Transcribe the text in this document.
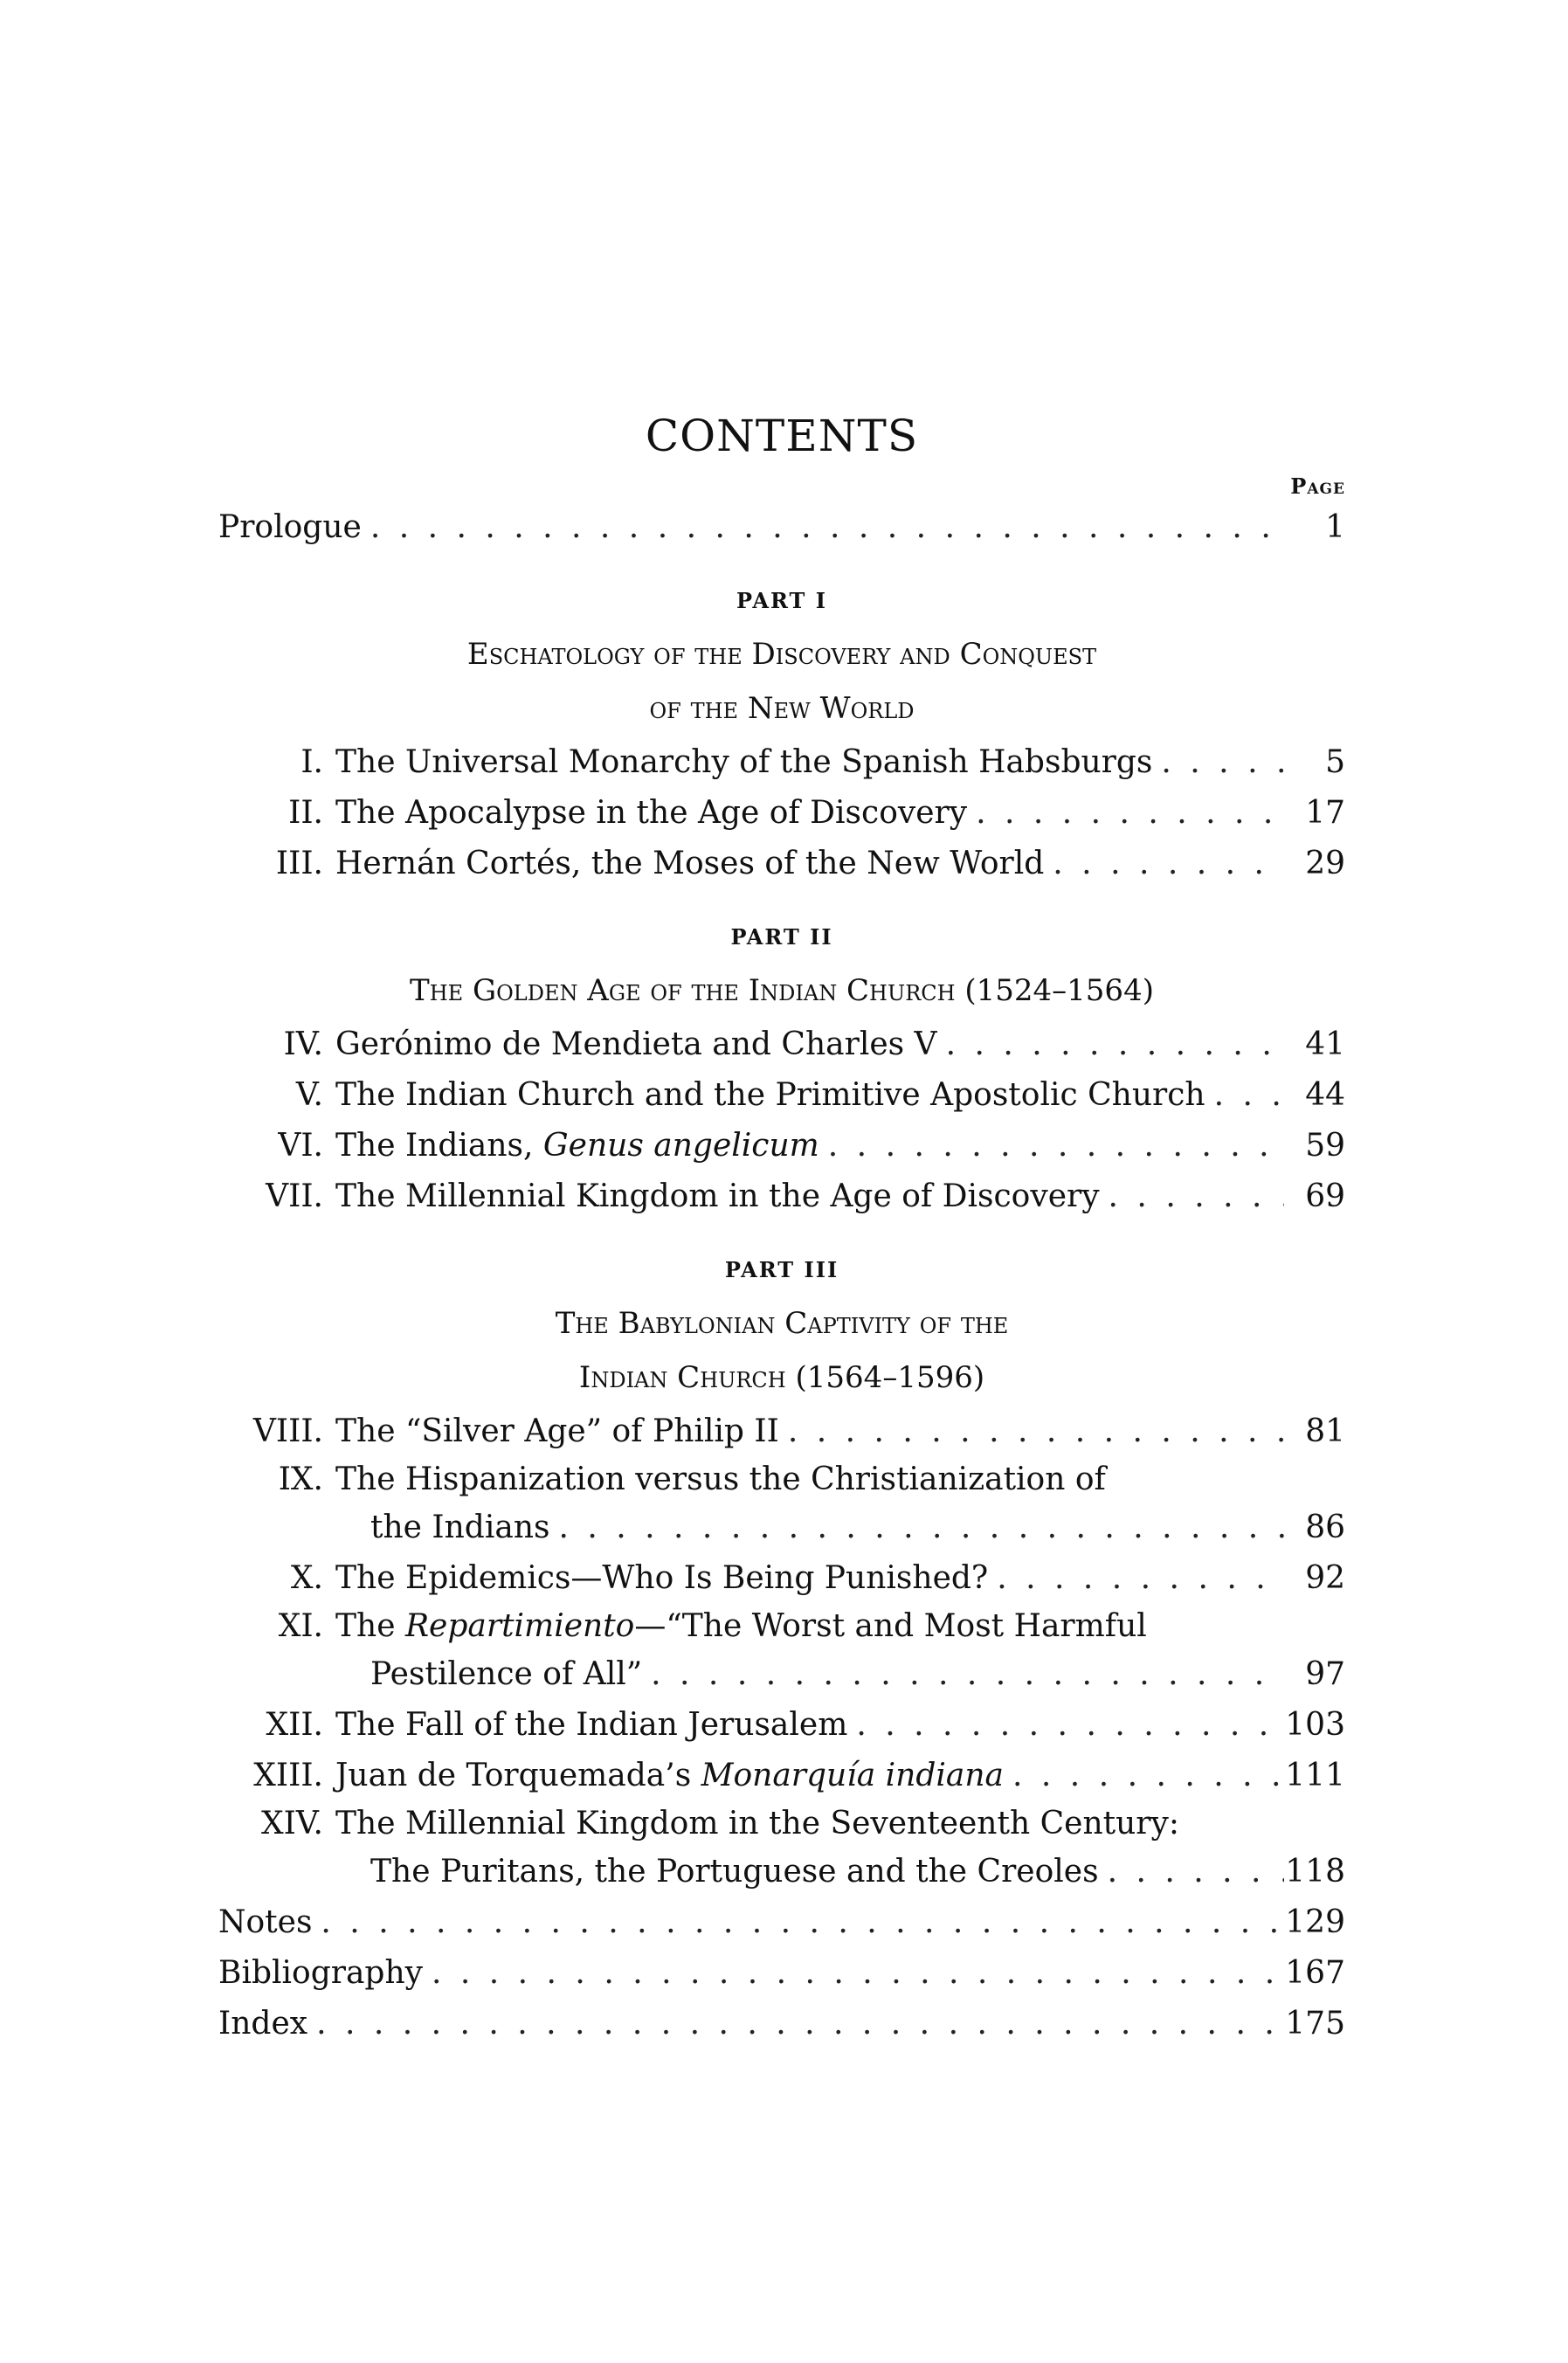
CONTENTS
Page
Prologue . . .	1
PART I
Eschatology of the Discovery and Conquest
of the New World
I. The Universal Monarchy of the Spanish Habsburgs . . .	5
II. The Apocalypse in the Age of Discovery . . .	17
III. Hernán Cortés, the Moses of the New World . . .	29
PART II
The Golden Age of the Indian Church (1524–1564)
IV. Gerónimo de Mendieta and Charles V . . .	41
V. The Indian Church and the Primitive Apostolic Church . . .	44
VI. The Indians, Genus angelicum . . .	59
VII. The Millennial Kingdom in the Age of Discovery . . .	69
PART III
The Babylonian Captivity of the
Indian Church (1564–1596)
VIII. The “Silver Age” of Philip II . . .	81
IX. The Hispanization versus the Christianization of
the Indians . . .	86
X. The Epidemics—Who Is Being Punished? . . .	92
XI. The Repartimiento—“The Worst and Most Harmful
Pestilence of All” . . .	97
XII. The Fall of the Indian Jerusalem . . .	103
XIII. Juan de Torquemada’s Monarquía indiana . . .	111
XIV. The Millennial Kingdom in the Seventeenth Century:
The Puritans, the Portuguese and the Creoles . . .	118
Notes . . .	129
Bibliography . . .	167
Index . . .	175
